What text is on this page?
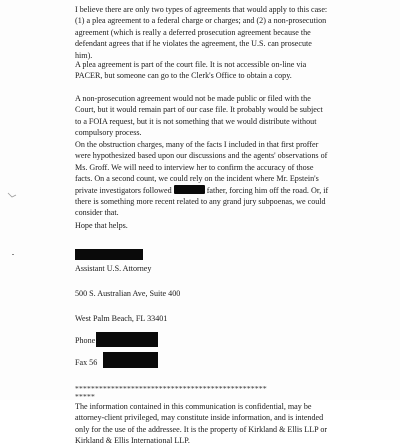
I believe there are only two types of agreements that would apply to this case: (1) a plea agreement to a federal charge or charges; and (2) a non-prosecution agreement (which is really a deferred prosecution agreement because the defendant agrees that if he violates the agreement, the U.S. can prosecute him).

A plea agreement is part of the court file. It is not accessible on-line via PACER, but someone can go to the Clerk's Office to obtain a copy.

A non-prosecution agreement would not be made public or filed with the Court, but it would remain part of our case file. It probably would be subject to a FOIA request, but it is not something that we would distribute without compulsory process.

On the obstruction charges, many of the facts I included in that first proffer were hypothesized based upon our discussions and the agents' observations of Ms. Groff. We will need to interview her to confirm the accuracy of those facts. On a second count, we could rely on the incident where Mr. Epstein's private investigators followed	father, forcing him off the road. Or, if there is something more recent related to any grand jury subpoenas, we could consider that.

Hope that helps.

Assistant U.S. Attorney

500 S. Australian Ave, Suite 400

West Palm Beach, FL 33401

Phone

Fax 56

************************************************
*****
The information contained in this communication is confidential, may be attorney-client privileged, may constitute inside information, and is intended only for the use of the addressee. It is the property of Kirkland & Ellis LLP or Kirkland & Ellis International LLP.
